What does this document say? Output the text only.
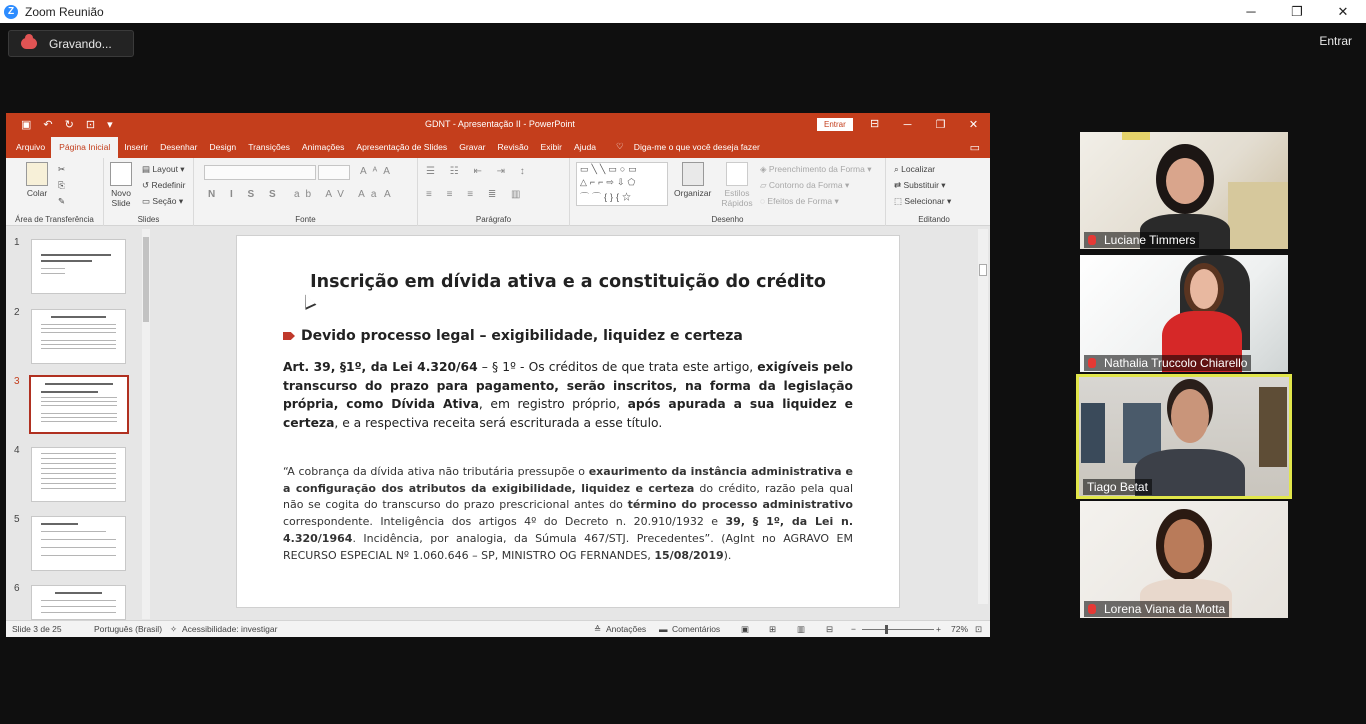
Z Zoom Reunião	─	❐	✕
Gravando...	Entrar
▣ ↶ ↻ ⊡ ▾	GDNT - Apresentação II - PowerPoint	Entrar	⊟	─	❐	✕
Arquivo	Página Inicial	Inserir	Desenhar	Design	Transições	Animações	Apresentação de Slides	Gravar	Revisão	Exibir	Ajuda	♡	Diga-me o que você deseja fazer	▭
Colar
✂
⎘
✎
Área de Transferência
Novo Slide
▤ Layout ▾
↺ Redefinir
▭ Seção ▾
Slides
AᴬA
N I S S ab AV Aa A
Fonte
☰ ☷ ⇤ ⇥ ↕
≡ ≡ ≡ ≣ ▥
Parágrafo
▭╲╲▭○▭
△⌐⌐⇨⇩⬠
⌒⌒{}{☆	Organizar	Estilos Rápidos
◈ Preenchimento da Forma ▾
▱ Contorno da Forma ▾
◌ Efeitos de Forma ▾
Desenho
⌕ Localizar
⇄ Substituir ▾
⬚ Selecionar ▾
Editando
1
2
3
4
5
6
Inscrição em dívida ativa e a constituição do crédito
Devido processo legal – exigibilidade, liquidez e certeza
Art. 39, §1º, da Lei 4.320/64 – § 1º - Os créditos de que trata este artigo, exigíveis pelo transcurso do prazo para pagamento, serão inscritos, na forma da legislação própria, como Dívida Ativa, em registro próprio, após apurada a sua liquidez e certeza, e a respectiva receita será escriturada a esse título.
“A cobrança da dívida ativa não tributária pressupõe o exaurimento da instância administrativa e a configuração dos atributos da exigibilidade, liquidez e certeza do crédito, razão pela qual não se cogita do transcurso do prazo prescricional antes do término do processo administrativo correspondente. Inteligência dos artigos 4º do Decreto n. 20.910/1932 e 39, § 1º, da Lei n. 4.320/1964. Incidência, por analogia, da Súmula 467/STJ. Precedentes”. (AgInt no AGRAVO EM RECURSO ESPECIAL Nº 1.060.646 – SP, MINISTRO OG FERNANDES, 15/08/2019).
Slide 3 de 25	Português (Brasil) ✧ Acessibilidade: investigar	≙ Anotações ▬ Comentários ▣ ⊞ ▥ ⊟ −	+ 72% ⊡
Luciane Timmers
Nathalia Truccolo Chiarello
Tiago Betat
Lorena Viana da Motta
